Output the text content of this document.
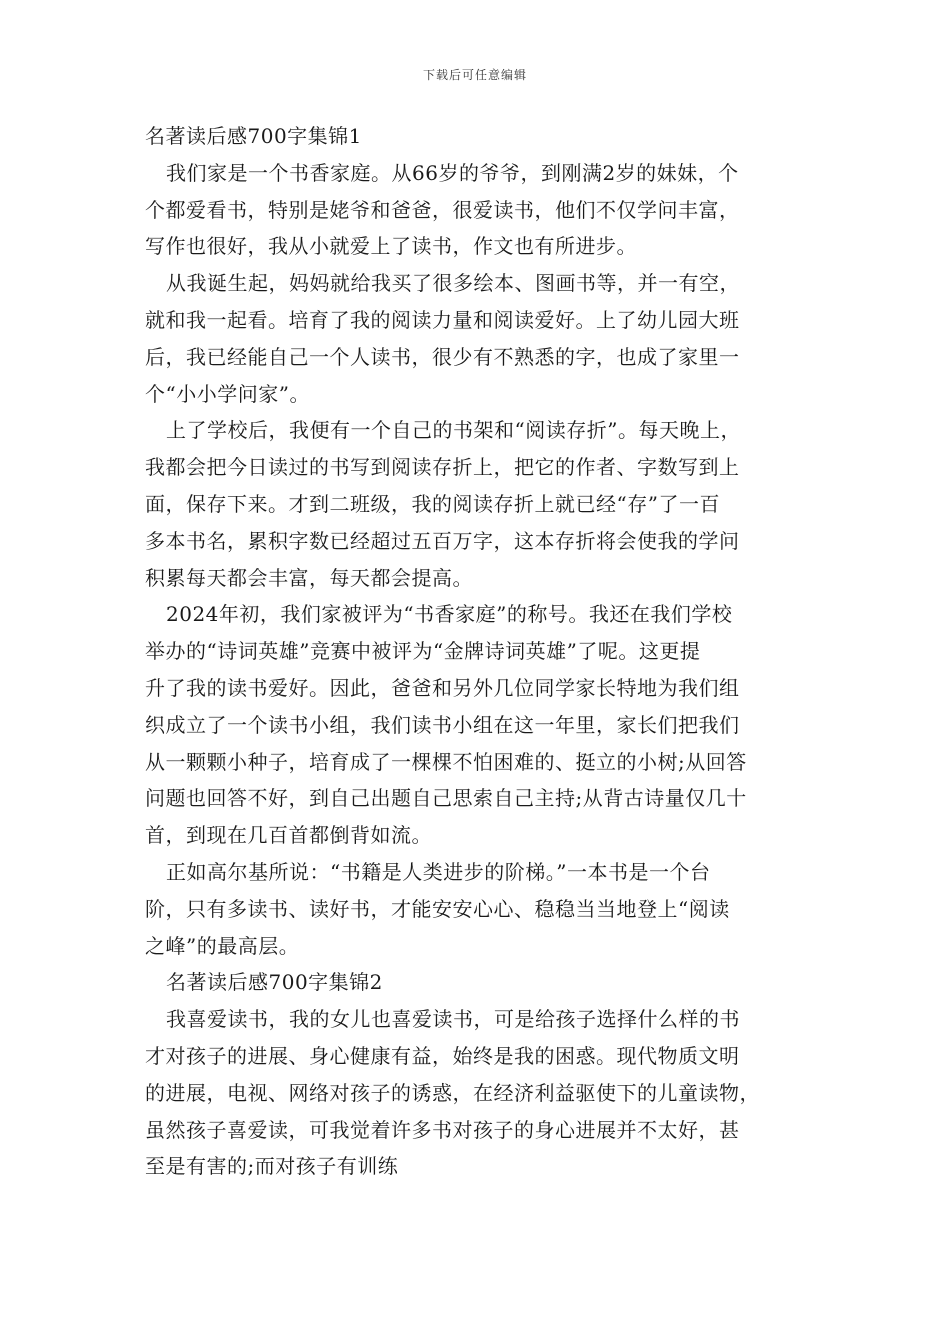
下载后可任意编辑
名著读后感700字集锦1
我们家是一个书香家庭。从66岁的爷爷，到刚满2岁的妹妹，个
个都爱看书，特别是姥爷和爸爸，很爱读书，他们不仅学问丰富，
写作也很好，我从小就爱上了读书，作文也有所进步。
从我诞生起，妈妈就给我买了很多绘本、图画书等，并一有空，
就和我一起看。培育了我的阅读力量和阅读爱好。上了幼儿园大班
后，我已经能自己一个人读书，很少有不熟悉的字，也成了家里一
个“小小学问家”。
上了学校后，我便有一个自己的书架和“阅读存折”。每天晚上，
我都会把今日读过的书写到阅读存折上，把它的作者、字数写到上
面，保存下来。才到二班级，我的阅读存折上就已经“存”了一百
多本书名，累积字数已经超过五百万字，这本存折将会使我的学问
积累每天都会丰富，每天都会提高。
2024年初，我们家被评为“书香家庭”的称号。我还在我们学校
举办的“诗词英雄”竞赛中被评为“金牌诗词英雄”了呢。这更提
升了我的读书爱好。因此，爸爸和另外几位同学家长特地为我们组
织成立了一个读书小组，我们读书小组在这一年里，家长们把我们
从一颗颗小种子，培育成了一棵棵不怕困难的、挺立的小树;从回答
问题也回答不好，到自己出题自己思索自己主持;从背古诗量仅几十
首，到现在几百首都倒背如流。
正如高尔基所说：“书籍是人类进步的阶梯。”一本书是一个台
阶，只有多读书、读好书，才能安安心心、稳稳当当地登上“阅读
之峰”的最高层。
名著读后感700字集锦2
我喜爱读书，我的女儿也喜爱读书，可是给孩子选择什么样的书
才对孩子的进展、身心健康有益，始终是我的困惑。现代物质文明
的进展，电视、网络对孩子的诱惑，在经济利益驱使下的儿童读物，
虽然孩子喜爱读，可我觉着许多书对孩子的身心进展并不太好，甚
至是有害的;而对孩子有训练
